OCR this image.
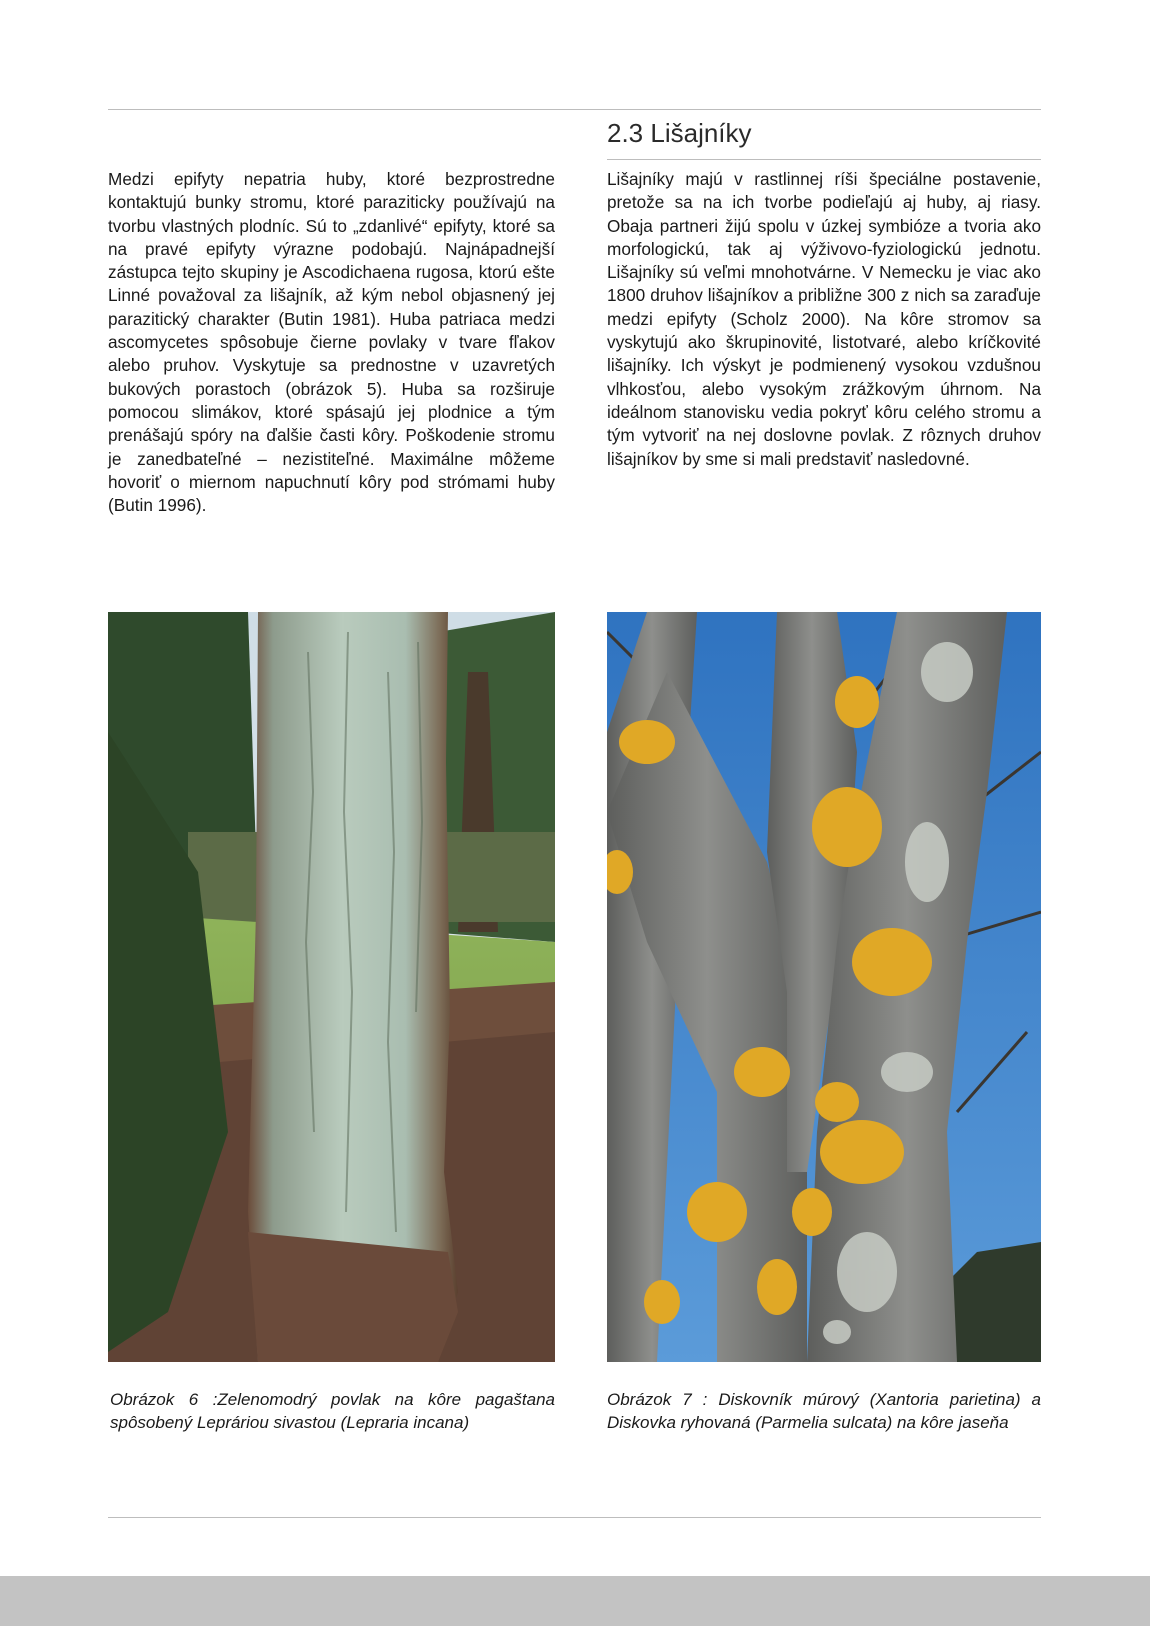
2.3 Lišajníky

Medzi epifyty nepatria huby, ktoré bezprostredne kontaktujú bunky stromu, ktoré paraziticky používajú na tvorbu vlastných plodníc. Sú to „zdanlivé“ epifyty, ktoré sa na pravé epifyty výrazne podobajú. Najnápadnejší zástupca tejto skupiny je Ascodichaena rugosa, ktorú ešte Linné považoval za lišajník, až kým nebol objasnený jej parazitický charakter (Butin 1981). Huba patriaca medzi ascomycetes spôsobuje čierne povlaky v tvare fľakov alebo pruhov. Vyskytuje sa prednostne v uzavretých bukových porastoch (obrázok 5). Huba sa rozširuje pomocou slimákov, ktoré spásajú jej plodnice a tým prenášajú spóry na ďalšie časti kôry. Poškodenie stromu je zanedbateľné – nezistiteľné. Maximálne môžeme hovoriť o miernom napuchnutí kôry pod strómami huby (Butin 1996).

Lišajníky majú v rastlinnej ríši špeciálne postavenie, pretože sa na ich tvorbe podieľajú aj huby, aj riasy. Obaja partneri žijú spolu v úzkej symbióze a tvoria ako morfologickú, tak aj výživovo-fyziologickú jednotu. Lišajníky sú veľmi mnohotvárne. V Nemecku je viac ako 1800 druhov lišajníkov a približne 300 z nich sa zaraďuje medzi epifyty (Scholz 2000). Na kôre stromov sa vyskytujú ako škrupinovité, listotvaré, alebo kríčkovité lišajníky. Ich výskyt je podmienený vysokou vzdušnou vlhkosťou, alebo vysokým zrážkovým úhrnom. Na ideálnom stanovisku vedia pokryť kôru celého stromu a tým vytvoriť na nej doslovne povlak. Z rôznych druhov lišajníkov by sme si mali predstaviť nasledovné.

Obrázok 6 :Zelenomodrý povlak na kôre pagaštana spôsobený Lepráriou sivastou (Lepraria incana)

Obrázok 7 : Diskovník múrový (Xantoria parietina) a Diskovka ryhovaná (Parmelia sulcata) na kôre jaseňa
